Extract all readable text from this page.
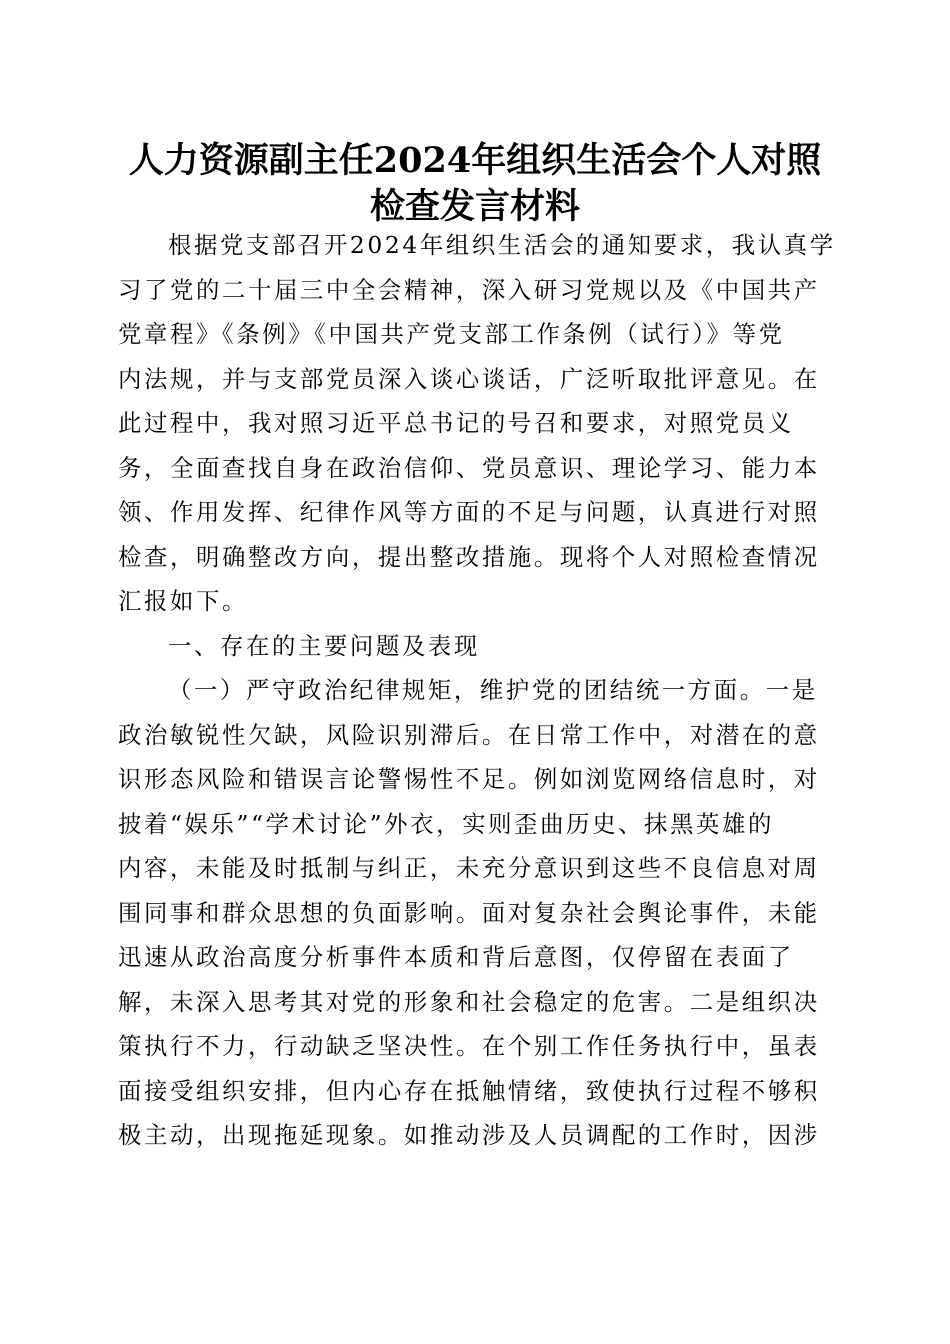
人力资源副主任2024年组织生活会个人对照
检查发言材料
根据党支部召开2024年组织生活会的通知要求，我认真学
习了党的二十届三中全会精神，深入研习党规以及《中国共产
党章程》《条例》《中国共产党支部工作条例（试行）》等党
内法规，并与支部党员深入谈心谈话，广泛听取批评意见。在
此过程中，我对照习近平总书记的号召和要求，对照党员义
务，全面查找自身在政治信仰、党员意识、理论学习、能力本
领、作用发挥、纪律作风等方面的不足与问题，认真进行对照
检查，明确整改方向，提出整改措施。现将个人对照检查情况
汇报如下。
一、存在的主要问题及表现
（一）严守政治纪律规矩，维护党的团结统一方面。一是
政治敏锐性欠缺，风险识别滞后。在日常工作中，对潜在的意
识形态风险和错误言论警惕性不足。例如浏览网络信息时，对
披着“娱乐”“学术讨论”外衣，实则歪曲历史、抹黑英雄的
内容，未能及时抵制与纠正，未充分意识到这些不良信息对周
围同事和群众思想的负面影响。面对复杂社会舆论事件，未能
迅速从政治高度分析事件本质和背后意图，仅停留在表面了
解，未深入思考其对党的形象和社会稳定的危害。二是组织决
策执行不力，行动缺乏坚决性。在个别工作任务执行中，虽表
面接受组织安排，但内心存在抵触情绪，致使执行过程不够积
极主动，出现拖延现象。如推动涉及人员调配的工作时，因涉
